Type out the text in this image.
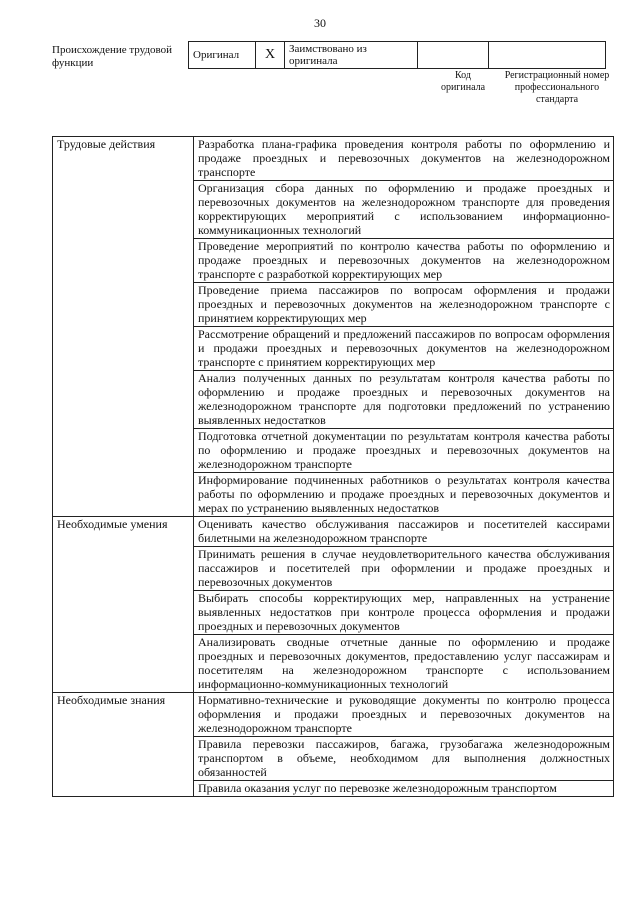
30
Происхождение трудовой функции
Оригинал	X	Заимствовано из оригинала		
Код оригинала
Регистрационный номер профессионального стандарта
Трудовые действия	Разработка плана-графика проведения контроля работы по оформлению и продаже проездных и перевозочных документов на железнодорожном транспорте
	Организация сбора данных по оформлению и продаже проездных и перевозочных документов на железнодорожном транспорте для проведения корректирующих мероприятий с использованием информационно-коммуникационных технологий
	Проведение мероприятий по контролю качества работы по оформлению и продаже проездных и перевозочных документов на железнодорожном транспорте с разработкой корректирующих мер
	Проведение приема пассажиров по вопросам оформления и продажи проездных и перевозочных документов на железнодорожном транспорте с принятием корректирующих мер
	Рассмотрение обращений и предложений пассажиров по вопросам оформления и продажи проездных и перевозочных документов на железнодорожном транспорте с принятием корректирующих мер
	Анализ полученных данных по результатам контроля качества работы по оформлению и продаже проездных и перевозочных документов на железнодорожном транспорте для подготовки предложений по устранению выявленных недостатков
	Подготовка отчетной документации по результатам контроля качества работы по оформлению и продаже проездных и перевозочных документов на железнодорожном транспорте
	Информирование подчиненных работников о результатах контроля качества работы по оформлению и продаже проездных и перевозочных документов и мерах по устранению выявленных недостатков
Необходимые умения	Оценивать качество обслуживания пассажиров и посетителей кассирами билетными на железнодорожном транспорте
	Принимать решения в случае неудовлетворительного качества обслуживания пассажиров и посетителей при оформлении и продаже проездных и перевозочных документов
	Выбирать способы корректирующих мер, направленных на устранение выявленных недостатков при контроле процесса оформления и продажи проездных и перевозочных документов
	Анализировать сводные отчетные данные по оформлению и продаже проездных и перевозочных документов, предоставлению услуг пассажирам и посетителям на железнодорожном транспорте с использованием информационно-коммуникационных технологий
Необходимые знания	Нормативно-технические и руководящие документы по контролю процесса оформления и продажи проездных и перевозочных документов на железнодорожном транспорте
	Правила перевозки пассажиров, багажа, грузобагажа железнодорожным транспортом в объеме, необходимом для выполнения должностных обязанностей
	Правила оказания услуг по перевозке железнодорожным транспортом
